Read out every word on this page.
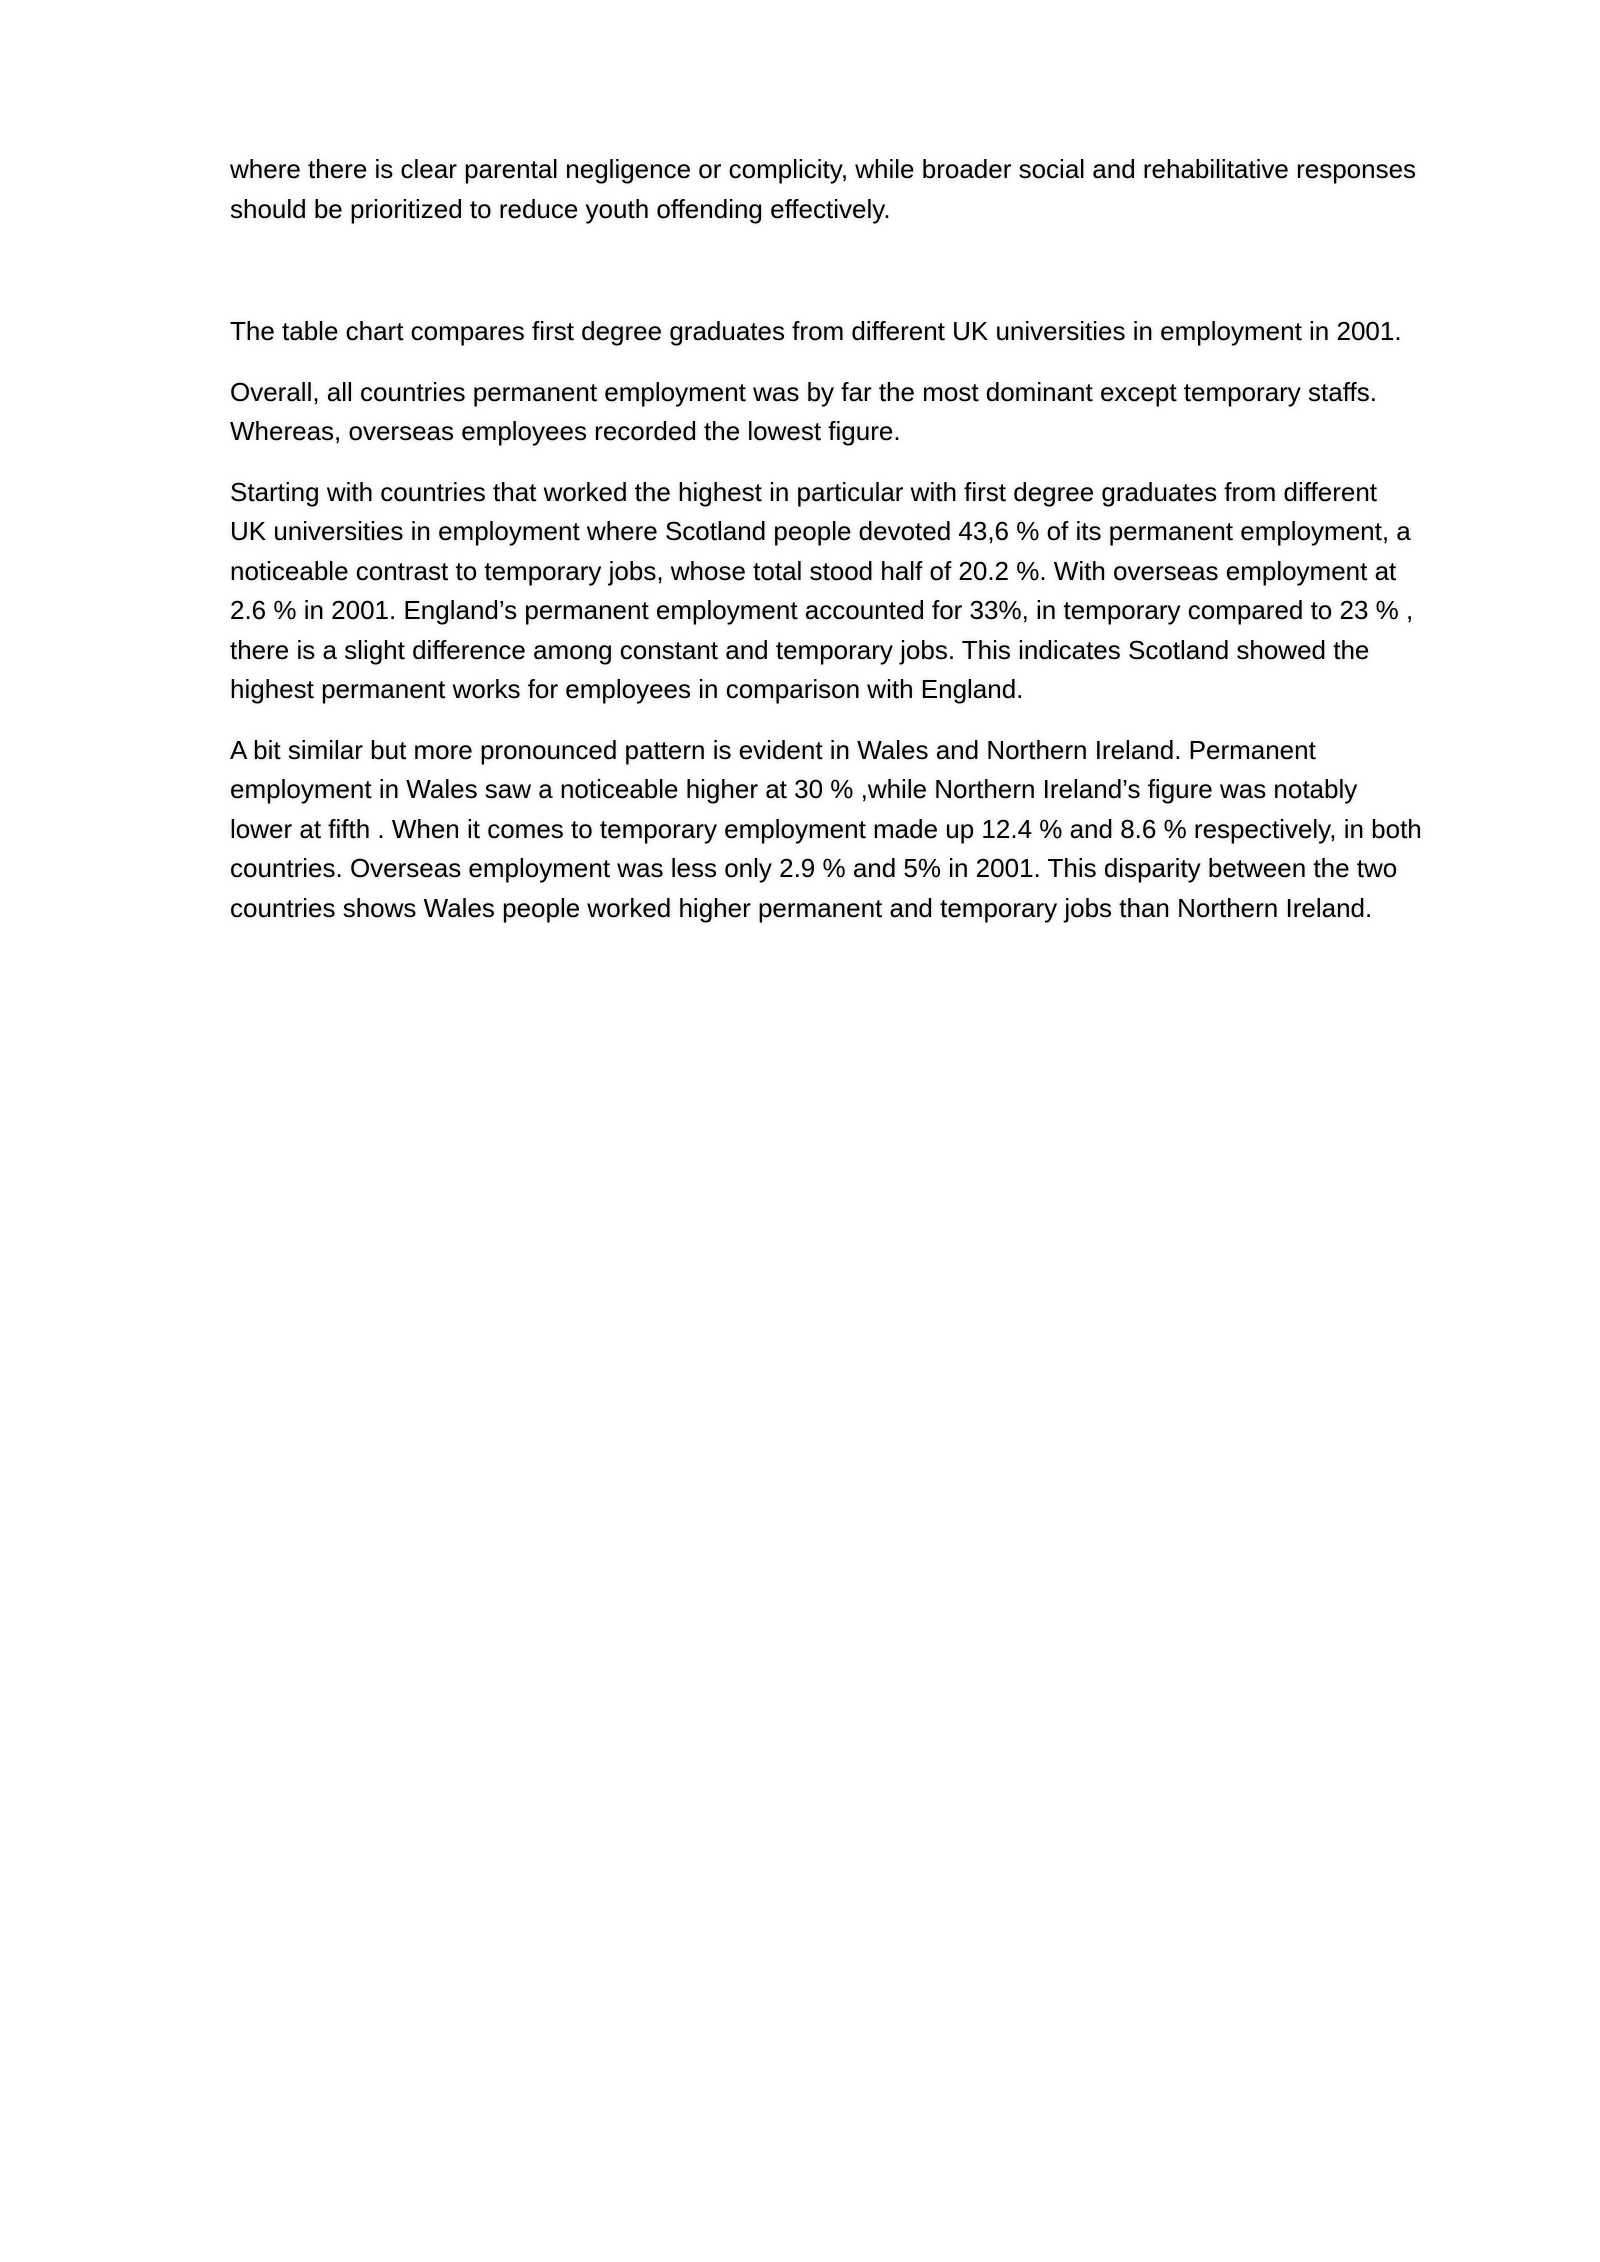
where there is clear parental negligence or complicity, while broader social and rehabilitative responses
should be prioritized to reduce youth offending effectively.

The table chart compares first degree graduates from different UK universities in employment in 2001.

Overall, all countries permanent employment was by far the most dominant except temporary staffs.
Whereas, overseas employees recorded the lowest figure.

Starting with countries that worked the highest in particular with first degree graduates from different
UK universities in employment where Scotland people devoted 43,6 % of its permanent employment, a
noticeable contrast to temporary jobs, whose total stood half of 20.2 %. With overseas employment at
2.6 % in 2001. England’s permanent employment accounted for 33%, in temporary compared to 23 % ,
there is a slight difference among constant and temporary jobs. This indicates Scotland showed the
highest permanent works for employees in comparison with England.

A bit similar but more pronounced pattern is evident in Wales and Northern Ireland. Permanent
employment in Wales saw a noticeable higher at 30 % ,while Northern Ireland’s figure was notably
lower at fifth . When it comes to temporary employment made up 12.4 % and 8.6 % respectively, in both
countries. Overseas employment was less only 2.9 % and 5% in 2001. This disparity between the two
countries shows Wales people worked higher permanent and temporary jobs than Northern Ireland.
